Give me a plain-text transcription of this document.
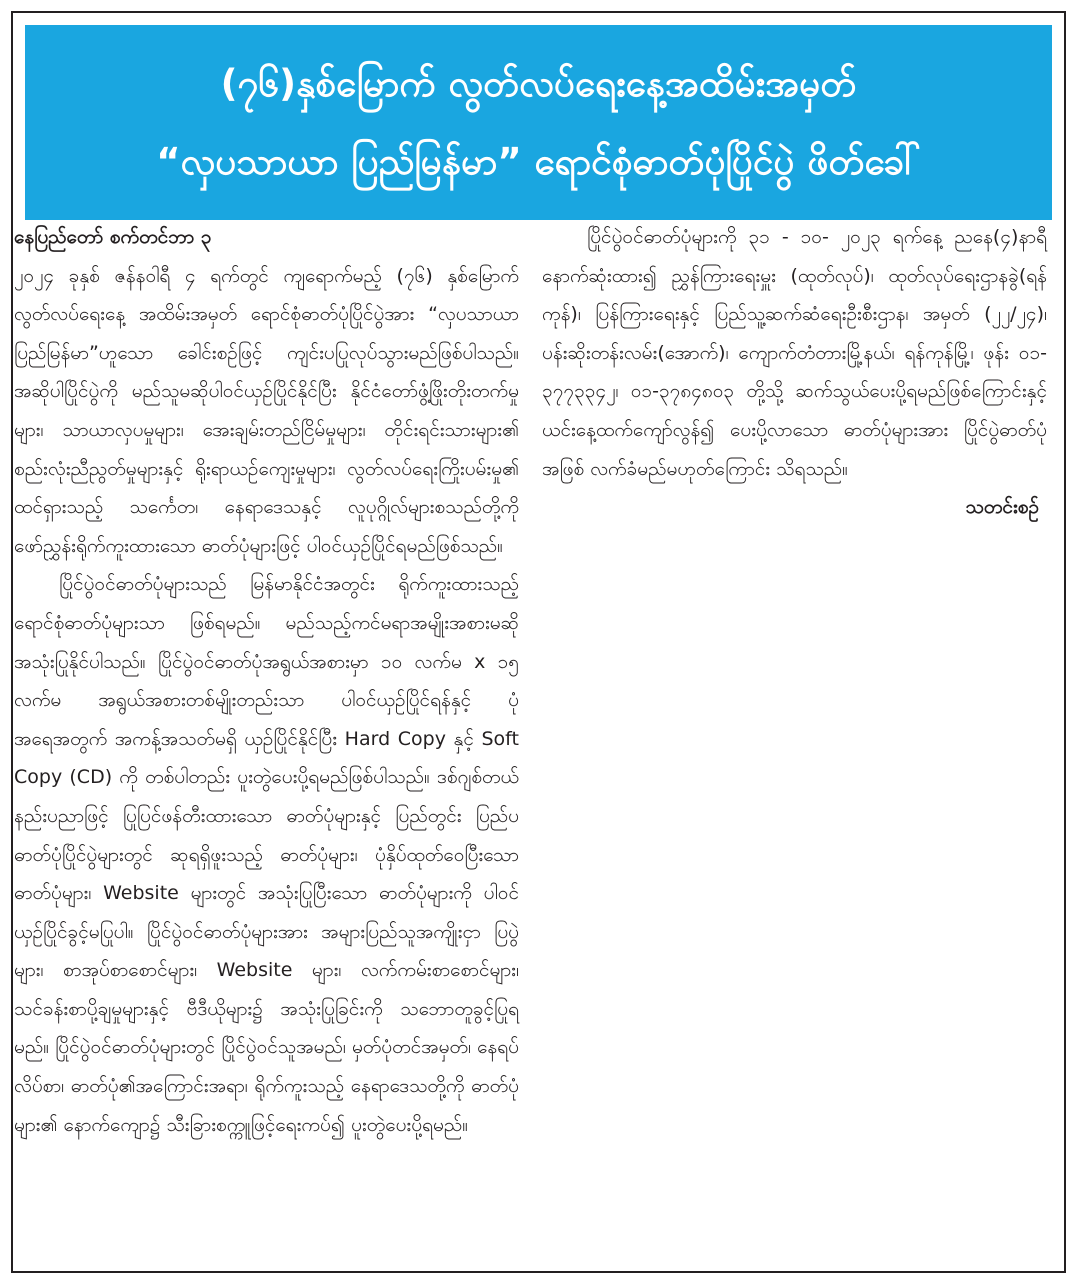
(၇၆)နှစ်မြောက် လွတ်လပ်ရေးနေ့အထိမ်းအမှတ်
“လှပသာယာ ပြည်မြန်မာ” ရောင်စုံဓာတ်ပုံပြိုင်ပွဲ ဖိတ်ခေါ်

နေပြည်တော် စက်တင်ဘာ ၃

၂၀၂၄ ခုနှစ် ဇန်နဝါရီ ၄ ရက်တွင် ကျရောက်မည့် (၇၆) နှစ်မြောက် လွတ်လပ်ရေးနေ့ အထိမ်းအမှတ် ရောင်စုံဓာတ်ပုံပြိုင်ပွဲအား “လှပသာယာပြည်မြန်မာ”ဟူသော ခေါင်းစဉ်ဖြင့် ကျင်းပပြုလုပ်သွားမည်ဖြစ်ပါသည်။ အဆိုပါပြိုင်ပွဲကို မည်သူမဆိုပါဝင်ယှဉ်ပြိုင်နိုင်ပြီး နိုင်ငံတော်ဖွံ့ဖြိုးတိုးတက်မှုများ၊ သာယာလှပမှုများ၊ အေးချမ်းတည်ငြိမ်မှုများ၊ တိုင်းရင်းသားများ၏ စည်းလုံးညီညွတ်မှုများနှင့် ရိုးရာယဉ်ကျေးမှုများ၊ လွတ်လပ်ရေးကြိုးပမ်းမှု၏ ထင်ရှားသည့် သင်္ကေတ၊ နေရာဒေသနှင့် လူပုဂ္ဂိုလ်များစသည်တို့ကို ဖော်ညွှန်းရိုက်ကူးထားသော ဓာတ်ပုံများဖြင့် ပါဝင်ယှဉ်ပြိုင်ရမည်ဖြစ်သည်။

ပြိုင်ပွဲဝင်ဓာတ်ပုံများသည် မြန်မာနိုင်ငံအတွင်း ရိုက်ကူးထားသည့် ရောင်စုံဓာတ်ပုံများသာ ဖြစ်ရမည်။ မည်သည့်ကင်မရာအမျိုးအစားမဆို အသုံးပြုနိုင်ပါသည်။ ပြိုင်ပွဲဝင်ဓာတ်ပုံအရွယ်အစားမှာ ၁၀ လက်မ x ၁၅ လက်မ အရွယ်အစားတစ်မျိုးတည်းသာ ပါဝင်ယှဉ်ပြိုင်ရန်နှင့် ပုံအရေအတွက် အကန့်အသတ်မရှိ ယှဉ်ပြိုင်နိုင်ပြီး Hard Copy နှင့် Soft Copy (CD) ကို တစ်ပါတည်း ပူးတွဲပေးပို့ရမည်ဖြစ်ပါသည်။ ဒစ်ဂျစ်တယ်နည်းပညာဖြင့် ပြုပြင်ဖန်တီးထားသော ဓာတ်ပုံများနှင့် ပြည်တွင်း ပြည်ပ ဓာတ်ပုံပြိုင်ပွဲများတွင် ဆုရရှိဖူးသည့် ဓာတ်ပုံများ၊ ပုံနှိပ်ထုတ်ဝေပြီးသောဓာတ်ပုံများ၊ Website များတွင် အသုံးပြုပြီးသော ဓာတ်ပုံများကို ပါဝင်ယှဉ်ပြိုင်ခွင့်မပြုပါ။ ပြိုင်ပွဲဝင်ဓာတ်ပုံများအား အများပြည်သူအကျိုးငှာ ပြပွဲများ၊ စာအုပ်စာစောင်များ၊ Website များ၊ လက်ကမ်းစာစောင်များ၊ သင်ခန်းစာပို့ချမှုများနှင့် ဗီဒီယိုများ၌ အသုံးပြုခြင်းကို သဘောတူခွင့်ပြုရမည်။ ပြိုင်ပွဲဝင်ဓာတ်ပုံများတွင် ပြိုင်ပွဲဝင်သူအမည်၊ မှတ်ပုံတင်အမှတ်၊ နေရပ်လိပ်စာ၊ ဓာတ်ပုံ၏အကြောင်းအရာ၊ ရိုက်ကူးသည့် နေရာဒေသတို့ကို ဓာတ်ပုံများ၏ နောက်ကျော၌ သီးခြားစက္ကူဖြင့်ရေးကပ်၍ ပူးတွဲပေးပို့ရမည်။

ပြိုင်ပွဲဝင်ဓာတ်ပုံများကို ၃၁ - ၁၀- ၂၀၂၃ ရက်နေ့ ညနေ(၄)နာရီ နောက်ဆုံးထား၍ ညွှန်ကြားရေးမှူး (ထုတ်လုပ်)၊ ထုတ်လုပ်ရေးဌာနခွဲ(ရန်ကုန်)၊ ပြန်ကြားရေးနှင့် ပြည်သူ့ဆက်ဆံရေးဦးစီးဌာန၊ အမှတ် (၂၂/၂၄)၊ ပန်းဆိုးတန်းလမ်း(အောက်)၊ ကျောက်တံတားမြို့နယ်၊ ရန်ကုန်မြို့၊ ဖုန်း ၀၁- ၃၇၇၃၃၄၂၊ ၀၁-၃၇၈၄၈၀၃ တို့သို့ ဆက်သွယ်ပေးပို့ရမည်ဖြစ်ကြောင်းနှင့် ယင်းနေ့ထက်ကျော်လွန်၍ ပေးပို့လာသော ဓာတ်ပုံများအား ပြိုင်ပွဲဓာတ်ပုံအဖြစ် လက်ခံမည်မဟုတ်ကြောင်း သိရသည်။

သတင်းစဉ်
